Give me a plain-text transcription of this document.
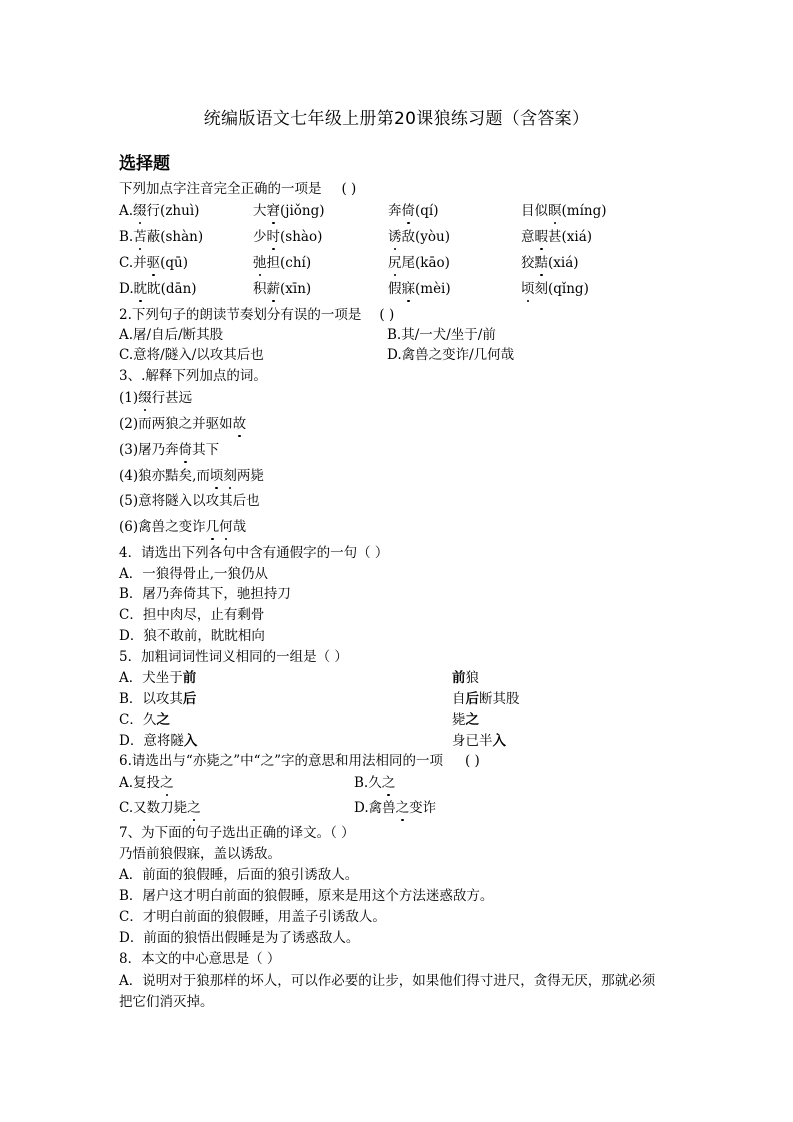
统编版语文七年级上册第20课狼练习题（含答案）
选择题
下列加点字注音完全正确的一项是 ( )
A.缀行(zhuì)	大窘(jiǒng)	奔倚(qí)	目似瞑(míng)
B.苫蔽(shàn)	少时(shào)	诱敌(yòu)	意暇甚(xiá)
C.并驱(qū)	弛担(chí)	尻尾(kāo)	狡黠(xiá)
D.眈眈(dān)	积薪(xīn)	假寐(mèi)	顷刻(qǐng)
2.下列句子的朗读节奏划分有误的一项是 ( )
A.屠/自后/断其股	B.其/一犬/坐于/前
C.意将/隧入/以攻其后也	D.禽兽之变诈/几何哉
3、.解释下列加点的词。
(1)缀行甚远
(2)而两狼之并驱如故
(3)屠乃奔倚其下
(4)狼亦黠矣,而顷刻两毙
(5)意将隧入以攻其后也
(6)禽兽之变诈几何哉
4．请选出下列各句中含有通假字的一句（ ）
A．一狼得骨止,一狼仍从
B．屠乃奔倚其下，驰担持刀
C．担中肉尽，止有剩骨
D．狼不敢前，眈眈相向
5．加粗词词性词义相同的一组是（ ）
A．犬坐于前	前狼
B．以攻其后	自后断其股
C．久之	毙之
D．意将隧入	身已半入
6.请选出与“亦毙之”中“之”字的意思和用法相同的一项 ( )
A.复投之	B.久之
C.又数刀毙之	D.禽兽之变诈
7、为下面的句子选出正确的译文。（ ）
乃悟前狼假寐，盖以诱敌。
A．前面的狼假睡，后面的狼引诱敌人。
B．屠户这才明白前面的狼假睡，原来是用这个方法迷惑敌方。
C．才明白前面的狼假睡，用盖子引诱敌人。
D．前面的狼悟出假睡是为了诱惑敌人。
8．本文的中心意思是（ ）
A．说明对于狼那样的坏人，可以作必要的让步，如果他们得寸进尺，贪得无厌，那就必须把它们消灭掉。
